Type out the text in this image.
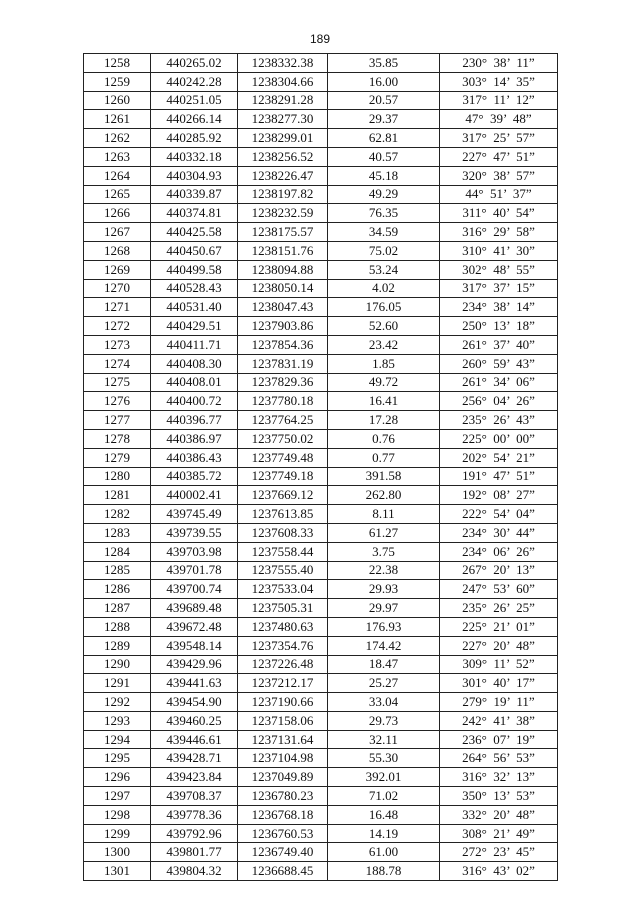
189
1258	440265.02	1238332.38	35.85	230°  38’  11”
1259	440242.28	1238304.66	16.00	303°  14’  35”
1260	440251.05	1238291.28	20.57	317°  11’  12”
1261	440266.14	1238277.30	29.37	47°  39’  48”
1262	440285.92	1238299.01	62.81	317°  25’  57”
1263	440332.18	1238256.52	40.57	227°  47’  51”
1264	440304.93	1238226.47	45.18	320°  38’  57”
1265	440339.87	1238197.82	49.29	44°  51’  37”
1266	440374.81	1238232.59	76.35	311°  40’  54”
1267	440425.58	1238175.57	34.59	316°  29’  58”
1268	440450.67	1238151.76	75.02	310°  41’  30”
1269	440499.58	1238094.88	53.24	302°  48’  55”
1270	440528.43	1238050.14	4.02	317°  37’  15”
1271	440531.40	1238047.43	176.05	234°  38’  14”
1272	440429.51	1237903.86	52.60	250°  13’  18”
1273	440411.71	1237854.36	23.42	261°  37’  40”
1274	440408.30	1237831.19	1.85	260°  59’  43”
1275	440408.01	1237829.36	49.72	261°  34’  06”
1276	440400.72	1237780.18	16.41	256°  04’  26”
1277	440396.77	1237764.25	17.28	235°  26’  43”
1278	440386.97	1237750.02	0.76	225°  00’  00”
1279	440386.43	1237749.48	0.77	202°  54’  21”
1280	440385.72	1237749.18	391.58	191°  47’  51”
1281	440002.41	1237669.12	262.80	192°  08’  27”
1282	439745.49	1237613.85	8.11	222°  54’  04”
1283	439739.55	1237608.33	61.27	234°  30’  44”
1284	439703.98	1237558.44	3.75	234°  06’  26”
1285	439701.78	1237555.40	22.38	267°  20’  13”
1286	439700.74	1237533.04	29.93	247°  53’  60”
1287	439689.48	1237505.31	29.97	235°  26’  25”
1288	439672.48	1237480.63	176.93	225°  21’  01”
1289	439548.14	1237354.76	174.42	227°  20’  48”
1290	439429.96	1237226.48	18.47	309°  11’  52”
1291	439441.63	1237212.17	25.27	301°  40’  17”
1292	439454.90	1237190.66	33.04	279°  19’  11”
1293	439460.25	1237158.06	29.73	242°  41’  38”
1294	439446.61	1237131.64	32.11	236°  07’  19”
1295	439428.71	1237104.98	55.30	264°  56’  53”
1296	439423.84	1237049.89	392.01	316°  32’  13”
1297	439708.37	1236780.23	71.02	350°  13’  53”
1298	439778.36	1236768.18	16.48	332°  20’  48”
1299	439792.96	1236760.53	14.19	308°  21’  49”
1300	439801.77	1236749.40	61.00	272°  23’  45”
1301	439804.32	1236688.45	188.78	316°  43’  02”
